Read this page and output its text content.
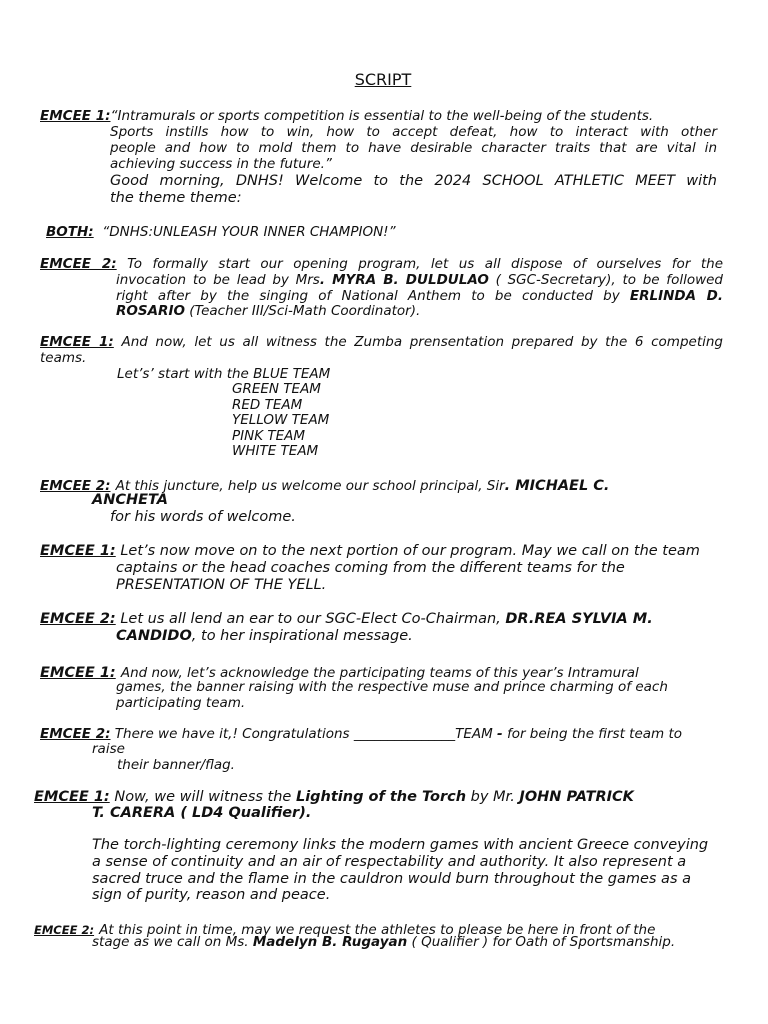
SCRIPT
EMCEE 1:“Intramurals or sports competition is essential to the well-being of the students.
Sports instills how to win, how to accept defeat, how to interact with other
people and how to mold them to have desirable character traits that are vital in
achieving success in the future.”
Good morning, DNHS! Welcome to the 2024 SCHOOL ATHLETIC MEET with
the theme theme:
BOTH: “DNHS:UNLEASH YOUR INNER CHAMPION!”
EMCEE 2: To formally start our opening program, let us all dispose of ourselves for the
invocation to be lead by Mrs. MYRA B. DULDULAO ( SGC-Secretary), to be followed
right after by the singing of National Anthem to be conducted by ERLINDA D.
ROSARIO (Teacher III/Sci-Math Coordinator).
EMCEE 1: And now, let us all witness the Zumba prensentation prepared by the 6 competing
teams.
Let’s’ start with the BLUE TEAM
GREEN TEAM
RED TEAM
YELLOW TEAM
PINK TEAM
WHITE TEAM
EMCEE 2: At this juncture, help us welcome our school principal, Sir. MICHAEL C.
ANCHETA
for his words of welcome.
EMCEE 1: Let’s now move on to the next portion of our program. May we call on the team
captains or the head coaches coming from the different teams for the
PRESENTATION OF THE YELL.
EMCEE 2: Let us all lend an ear to our SGC-Elect Co-Chairman, DR.REA SYLVIA M.
CANDIDO, to her inspirational message.
EMCEE 1: And now, let’s acknowledge the participating teams of this year’s Intramural
games, the banner raising with the respective muse and prince charming of each
participating team.
EMCEE 2: There we have it,! Congratulations _______________TEAM - for being the first team to
raise
their banner/flag.
EMCEE 1: Now, we will witness the Lighting of the Torch by Mr. JOHN PATRICK
T. CARERA ( LD4 Qualifier).
The torch-lighting ceremony links the modern games with ancient Greece conveying
a sense of continuity and an air of respectability and authority. It also represent a
sacred truce and the flame in the cauldron would burn throughout the games as a
sign of purity, reason and peace.
EMCEE 2: At this point in time, may we request the athletes to please be here in front of the
stage as we call on Ms. Madelyn B. Rugayan ( Qualifier ) for Oath of Sportsmanship.
